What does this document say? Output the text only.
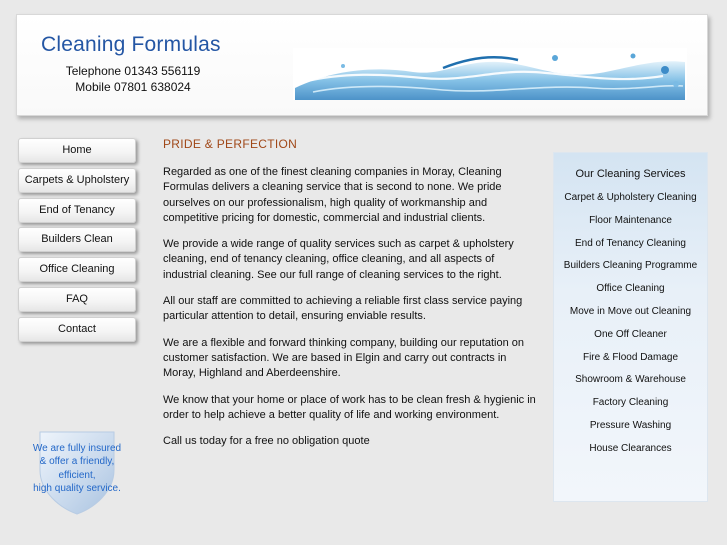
Cleaning Formulas
Telephone 01343 556119
Mobile 07801 638024
Home
Carpets & Upholstery
End of Tenancy
Builders Clean
Office Cleaning
FAQ
Contact
We are fully insured
& offer a friendly,
efficient,
high quality service.
PRIDE & PERFECTION

Regarded as one of the finest cleaning companies in Moray, Cleaning Formulas delivers a cleaning service that is second to none. We pride ourselves on our professionalism, high quality of workmanship and competitive pricing for domestic, commercial and industrial clients.

We provide a wide range of quality services such as carpet & upholstery cleaning, end of tenancy cleaning, office cleaning, and all aspects of industrial cleaning. See our full range of cleaning services to the right.

All our staff are committed to achieving a reliable first class service paying particular attention to detail, ensuring enviable results.

We are a flexible and forward thinking company, building our reputation on customer satisfaction. We are based in Elgin and carry out contracts in Moray, Highland and Aberdeenshire.

We know that your home or place of work has to be clean fresh & hygienic in order to help achieve a better quality of life and working environment.

Call us today for a free no obligation quote

Our Cleaning Services
Carpet & Upholstery Cleaning
Floor Maintenance
End of Tenancy Cleaning
Builders Cleaning Programme
Office Cleaning
Move in Move out Cleaning
One Off Cleaner
Fire & Flood Damage
Showroom & Warehouse
Factory Cleaning
Pressure Washing
House Clearances
